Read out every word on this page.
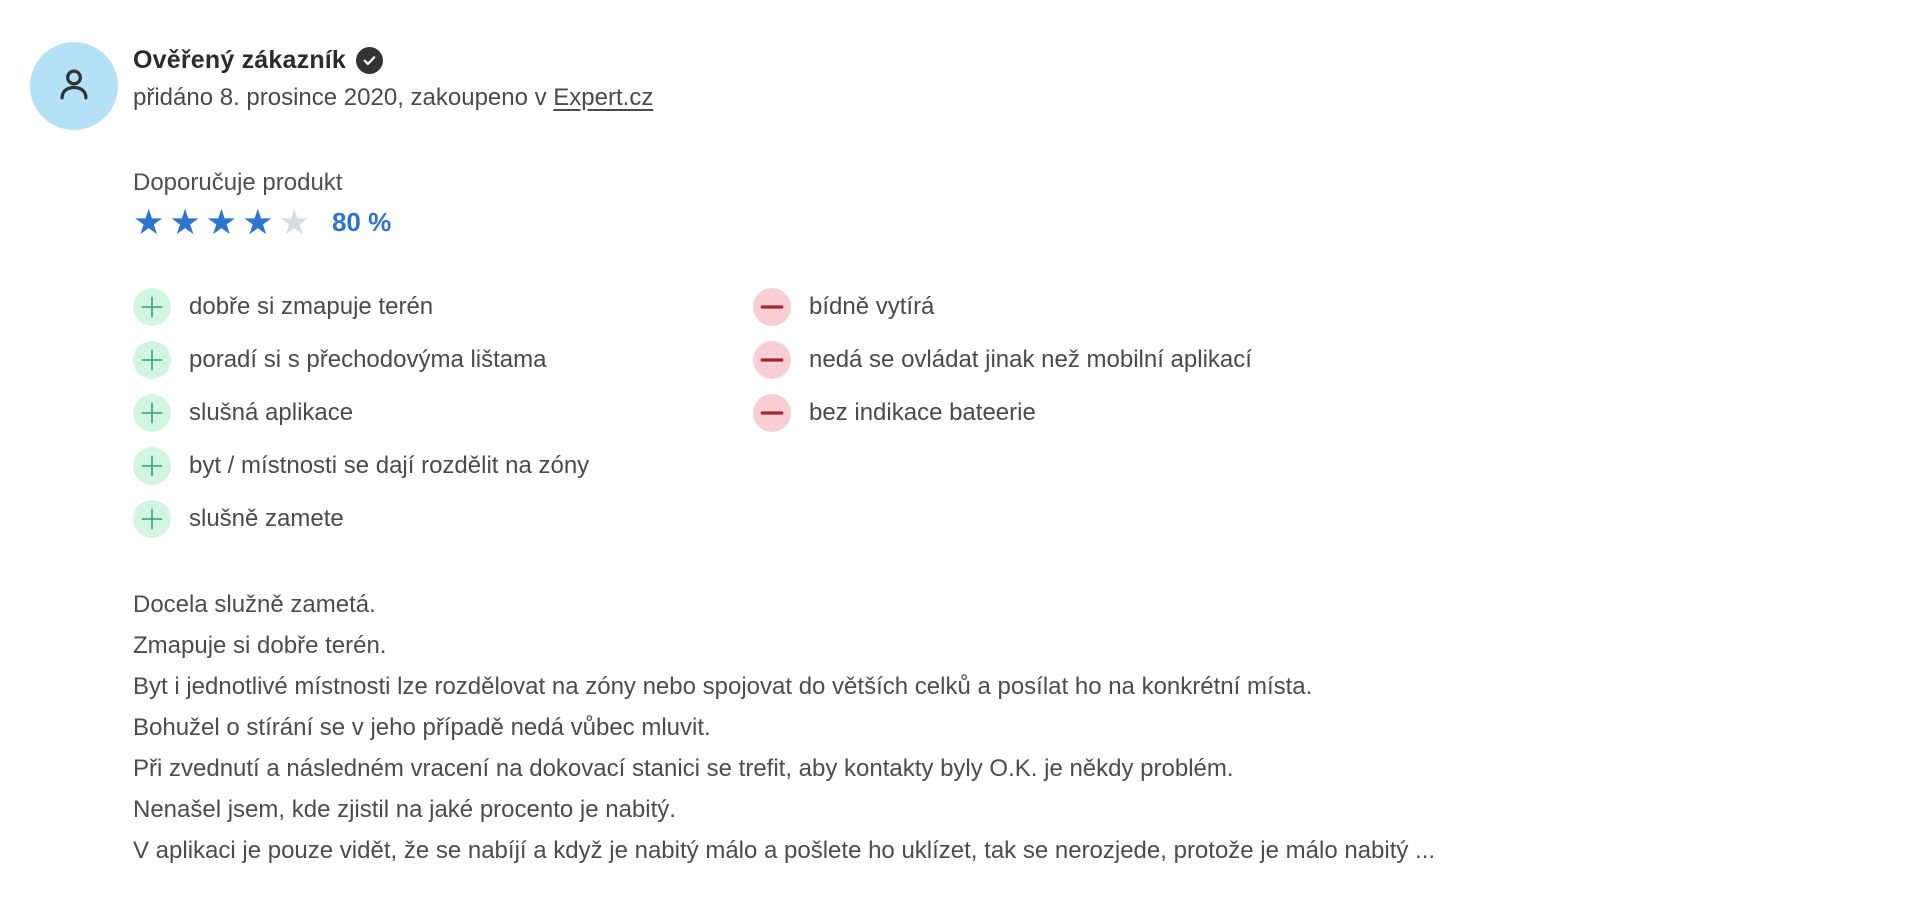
Ověřený zákazník
přidáno 8. prosince 2020, zakoupeno v Expert.cz
Doporučuje produkt
★ ★ ★ ★ ★ 80 %
dobře si zmapuje terén
poradí si s přechodovýma lištama
slušná aplikace
byt / místnosti se dají rozdělit na zóny
slušně zamete
bídně vytírá
nedá se ovládat jinak než mobilní aplikací
bez indikace bateerie
Docela služně zametá.
Zmapuje si dobře terén.
Byt i jednotlivé místnosti lze rozdělovat na zóny nebo spojovat do větších celků a posílat ho na konkrétní místa.
Bohužel o stírání se v jeho případě nedá vůbec mluvit.
Při zvednutí a následném vracení na dokovací stanici se trefit, aby kontakty byly O.K. je někdy problém.
Nenašel jsem, kde zjistil na jaké procento je nabitý.
V aplikaci je pouze vidět, že se nabíjí a když je nabitý málo a pošlete ho uklízet, tak se nerozjede, protože je málo nabitý ...
